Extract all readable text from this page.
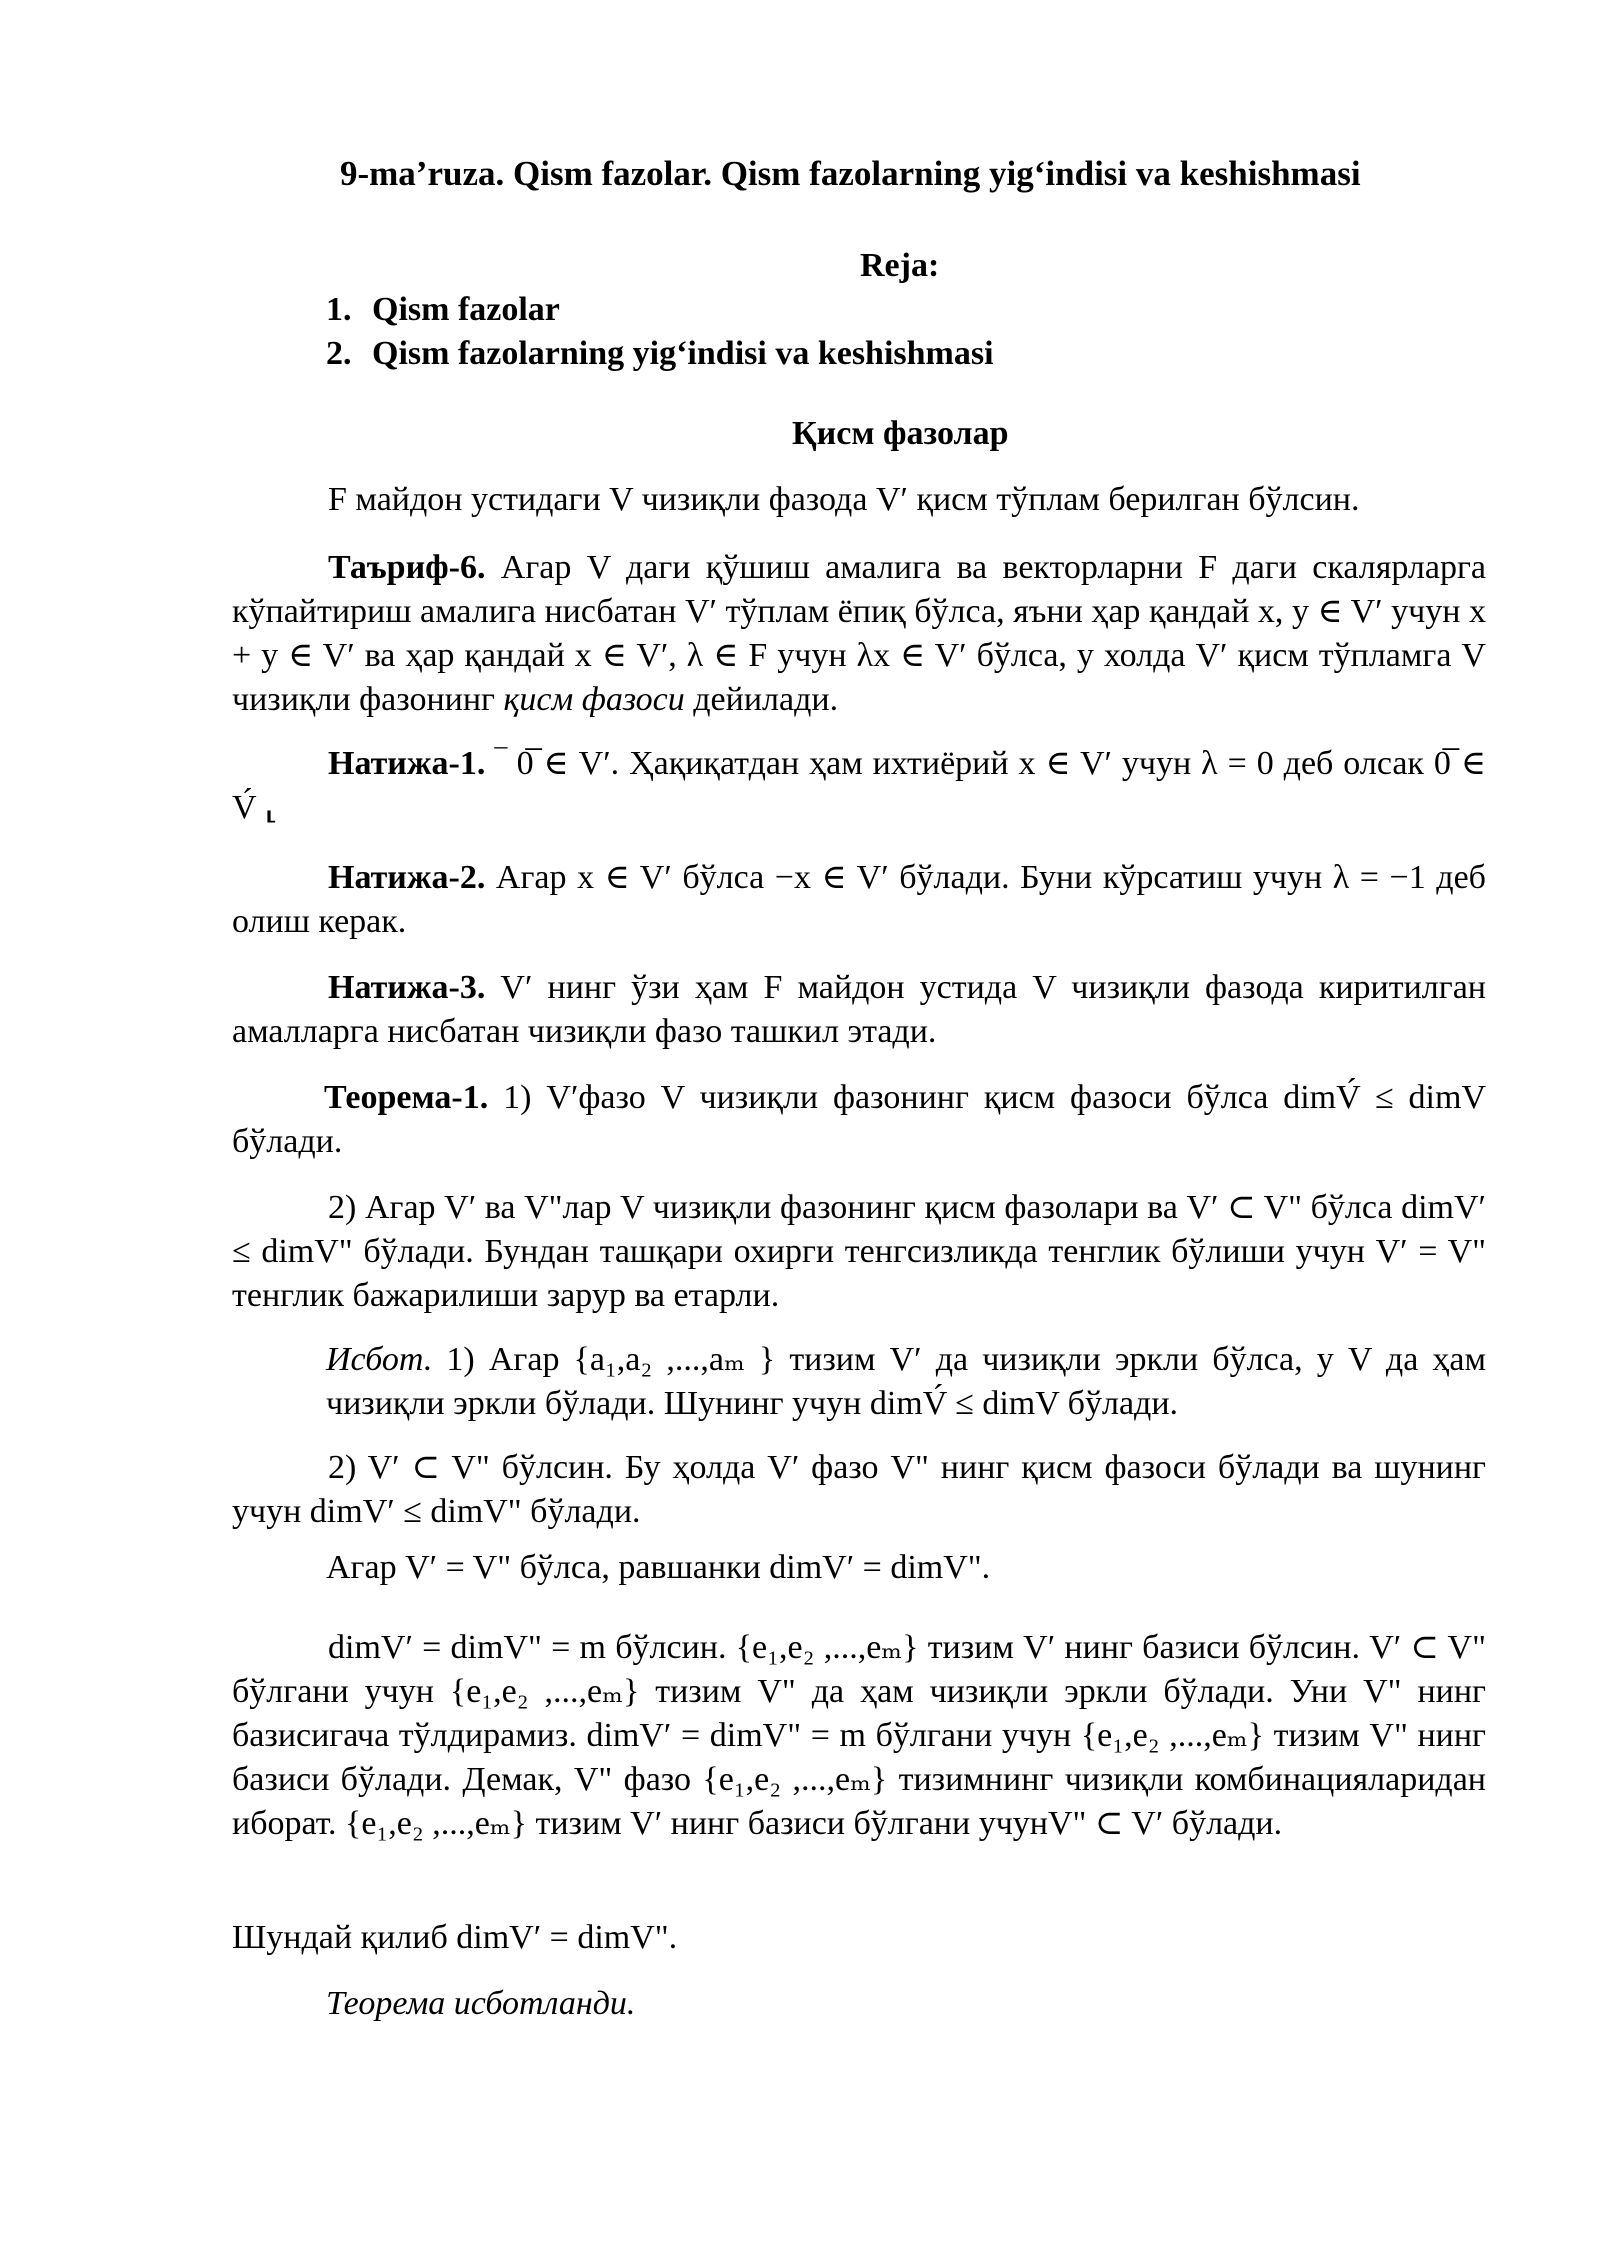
9-ma’ruza. Qism fazolar. Qism fazolarning yig‘indisi va keshishmasi
Reja:
1. Qism fazolar
2. Qism fazolarning yig‘indisi va keshishmasi
Қисм фазолар

F майдон устидаги V чизиқли фазода V′ қисм тўплам берилган бўлсин.

Таъриф-6. Агар V даги қўшиш амалига ва векторларни F даги скалярларга кўпайтириш амалига нисбатан V′ тўплам ёпиқ бўлса, яъни ҳар қандай x, y ∈ V′ учун x + y ∈ V′ ва ҳар қандай x ∈ V′, λ ∈ F учун λx ∈ V′ бўлса, у холда V′ қисм тўпламга V чизиқли фазонинг қисм фазоси дейилади.

Натижа-1. ‾ 0̅ ∈ V′. Ҳақиқатдан ҳам ихтиёрий x ∈ V′ учун λ = 0 деб олсак 0̅ ∈ V́ ⸤

Натижа-2. Агар x ∈ V′ бўлса −x ∈ V′ бўлади. Буни кўрсатиш учун λ = −1 деб олиш керак.

Натижа-3. V′ нинг ўзи ҳам F майдон устида V чизиқли фазода киритилган амалларга нисбатан чизиқли фазо ташкил этади.

Теорема-1. 1) V′фазо V чизиқли фазонинг қисм фазоси бўлса dimV́ ≤ dimV бўлади.

2) Агар V′ ва V"лар V чизиқли фазонинг қисм фазолари ва V′ ⊂ V" бўлса dimV′ ≤ dimV" бўлади. Бундан ташқари охирги тенгсизликда тенглик бўлиши учун V′ = V" тенглик бажарилиши зарур ва етарли.

Исбот. 1) Агар {a₁,a₂ ,...,aₘ } тизим V′ да чизиқли эркли бўлса, у V да ҳам чизиқли эркли бўлади. Шунинг учун dimV́ ≤ dimV бўлади.

2) V′ ⊂ V" бўлсин. Бу ҳолда V′ фазо V" нинг қисм фазоси бўлади ва шунинг учун dimV′ ≤ dimV" бўлади.

Агар V′ = V" бўлса, равшанки dimV′ = dimV".

dimV′ = dimV" = m бўлсин. {e₁,e₂ ,...,eₘ} тизим V′ нинг базиси бўлсин. V′ ⊂ V" бўлгани учун {e₁,e₂ ,...,eₘ} тизим V" да ҳам чизиқли эркли бўлади. Уни V" нинг базисигача тўлдирамиз. dimV′ = dimV" = m бўлгани учун {e₁,e₂ ,...,eₘ} тизим V" нинг базиси бўлади. Демак, V" фазо {e₁,e₂ ,...,eₘ} тизимнинг чизиқли комбинацияларидан иборат. {e₁,e₂ ,...,eₘ} тизим V′ нинг базиси бўлгани учунV" ⊂ V′ бўлади.

Шундай қилиб dimV′ = dimV".

Теорема исботланди.
